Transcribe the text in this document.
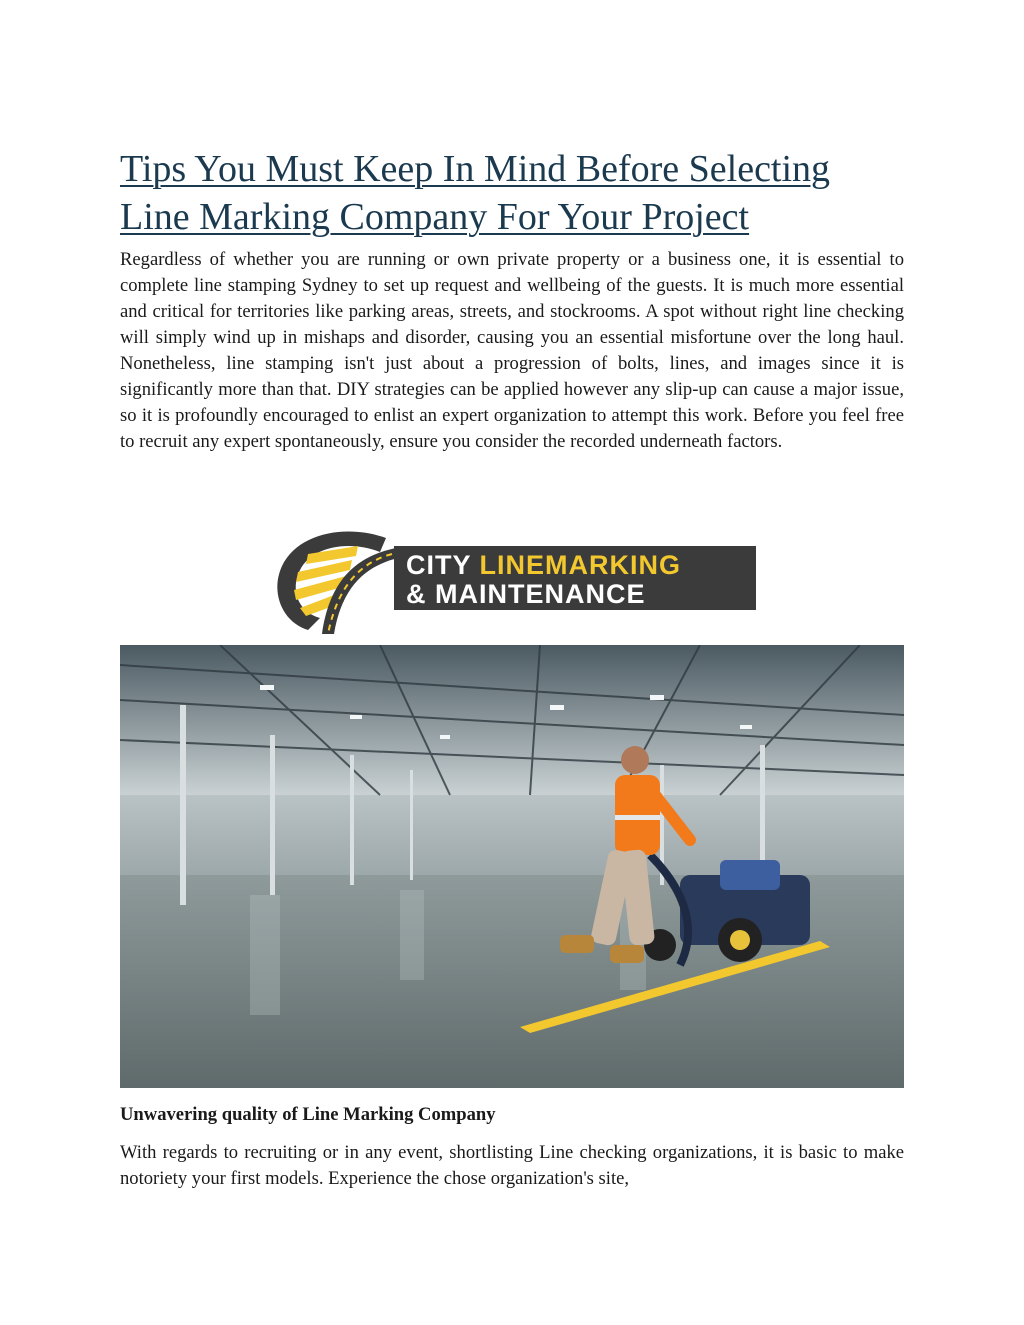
Tips You Must Keep In Mind Before Selecting Line Marking Company For Your Project

Regardless of whether you are running or own private property or a business one, it is essential to complete line stamping Sydney to set up request and wellbeing of the guests. It is much more essential and critical for territories like parking areas, streets, and stockrooms. A spot without right line checking will simply wind up in mishaps and disorder, causing you an essential misfortune over the long haul. Nonetheless, line stamping isn't just about a progression of bolts, lines, and images since it is significantly more than that. DIY strategies can be applied however any slip-up can cause a major issue, so it is profoundly encouraged to enlist an expert organization to attempt this work. Before you feel free to recruit any expert spontaneously, ensure you consider the recorded underneath factors.

CITY LINEMARKING
& MAINTENANCE
Unwavering quality of Line Marking Company

With regards to recruiting or in any event, shortlisting Line checking organizations, it is basic to make notoriety your first models. Experience the chose organization's site,
